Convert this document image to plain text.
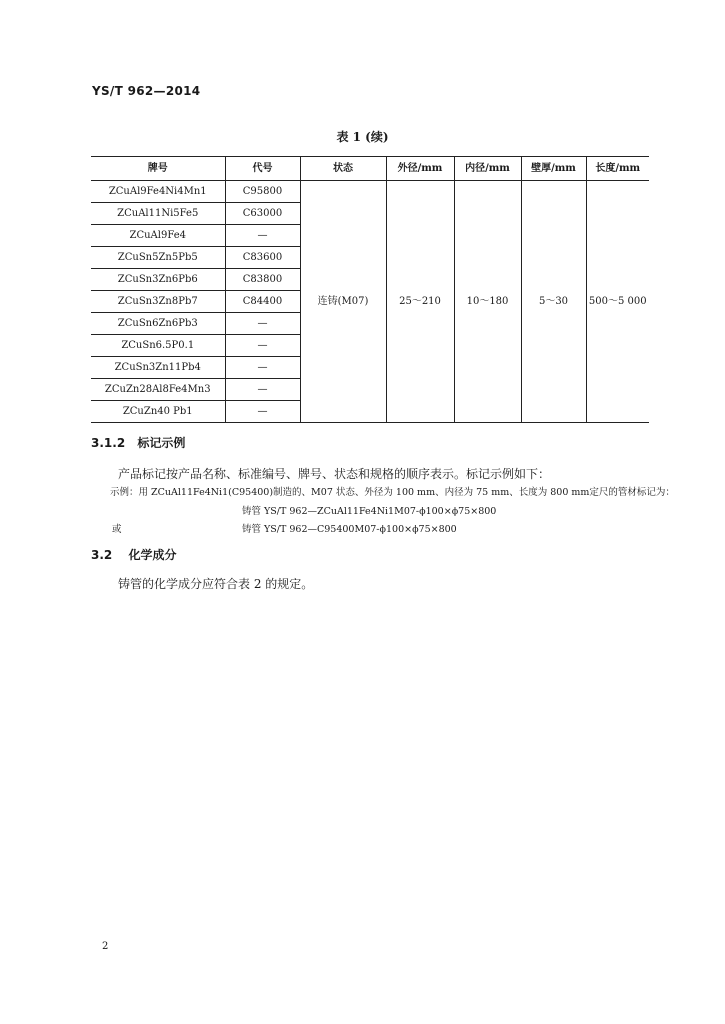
YS/T 962—2014
表 1 (续)
牌号	代号	状态	外径/mm	内径/mm	壁厚/mm	长度/mm
ZCuAl9Fe4Ni4Mn1	C95800	连铸(M07)	25～210	10～180	5～30	500～5 000
ZCuAl11Ni5Fe5	C63000					
ZCuAl9Fe4	—					
ZCuSn5Zn5Pb5	C83600					
ZCuSn3Zn6Pb6	C83800					
ZCuSn3Zn8Pb7	C84400					
ZCuSn6Zn6Pb3	—					
ZCuSn6.5P0.1	—					
ZCuSn3Zn11Pb4	—					
ZCuZn28Al8Fe4Mn3	—					
ZCuZn40 Pb1	—					
3.1.2 标记示例
产品标记按产品名称、标准编号、牌号、状态和规格的顺序表示。标记示例如下：
示例：用 ZCuAl11Fe4Ni1(C95400)制造的、M07 状态、外径为 100 mm、内径为 75 mm、长度为 800 mm定尺的管材标记为：
铸管 YS/T 962—ZCuAl11Fe4Ni1M07-ϕ100×ϕ75×800
或	铸管 YS/T 962—C95400M07-ϕ100×ϕ75×800
3.2 化学成分
铸管的化学成分应符合表 2 的规定。
2
